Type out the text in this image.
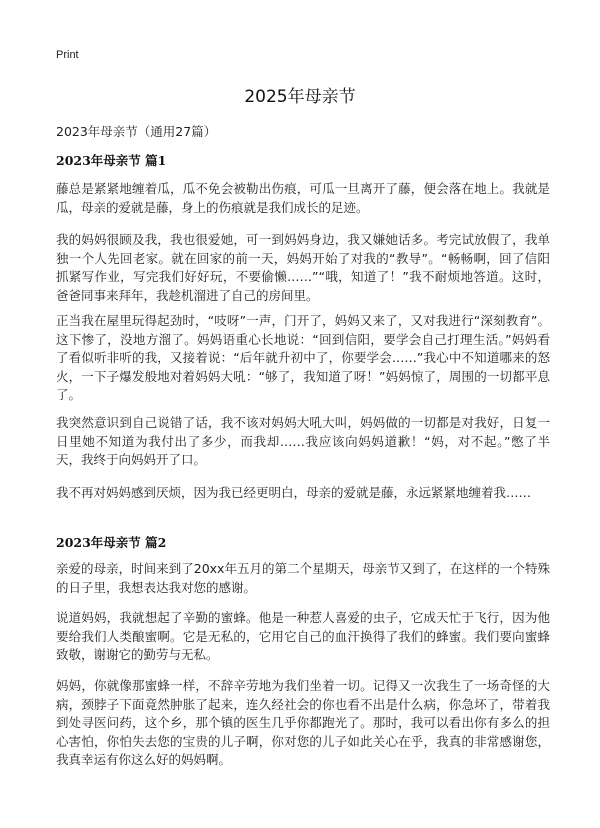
Print
2025年母亲节
2023年母亲节（通用27篇）
2023年母亲节 篇1

藤总是紧紧地缠着瓜，瓜不免会被勒出伤痕，可瓜一旦离开了藤，便会落在地上。我就是瓜，母亲的爱就是藤，身上的伤痕就是我们成长的足迹。

我的妈妈很顾及我，我也很爱她，可一到妈妈身边，我又嫌她话多。考完试放假了，我单独一个人先回老家。就在回家的前一天，妈妈开始了对我的“教导”。“畅畅啊，回了信阳抓紧写作业，写完我们好好玩，不要偷懒……”“哦，知道了！”我不耐烦地答道。这时，爸爸同事来拜年，我趁机溜进了自己的房间里。

正当我在屋里玩得起劲时，“吱呀”一声，门开了，妈妈又来了，又对我进行“深刻教育”。这下惨了，没地方溜了。妈妈语重心长地说：“回到信阳，要学会自己打理生活。”妈妈看了看似听非听的我，又接着说：“后年就升初中了，你要学会……”我心中不知道哪来的怒火，一下子爆发般地对着妈妈大吼：“够了，我知道了呀！”妈妈惊了，周围的一切都平息了。

我突然意识到自己说错了话，我不该对妈妈大吼大叫，妈妈做的一切都是对我好，日复一日里她不知道为我付出了多少，而我却……我应该向妈妈道歉！“妈，对不起。”憋了半天，我终于向妈妈开了口。

我不再对妈妈感到厌烦，因为我已经更明白，母亲的爱就是藤，永远紧紧地缠着我……

2023年母亲节 篇2

亲爱的母亲，时间来到了20xx年五月的第二个星期天，母亲节又到了，在这样的一个特殊的日子里，我想表达我对您的感谢。

说道妈妈，我就想起了辛勤的蜜蜂。他是一种惹人喜爱的虫子，它成天忙于飞行，因为他要给我们人类酿蜜啊。它是无私的，它用它自己的血汗换得了我们的蜂蜜。我们要向蜜蜂致敬，谢谢它的勤劳与无私。

妈妈，你就像那蜜蜂一样，不辞辛劳地为我们坐着一切。记得又一次我生了一场奇怪的大病，颈脖子下面竟然肿胀了起来，连久经社会的你也看不出是什么病，你急坏了，带着我到处寻医问药，这个乡，那个镇的医生几乎你都跑光了。那时，我可以看出你有多么的担心害怕，你怕失去您的宝贵的儿子啊，你对您的儿子如此关心在乎，我真的非常感谢您，我真幸运有你这么好的妈妈啊。
